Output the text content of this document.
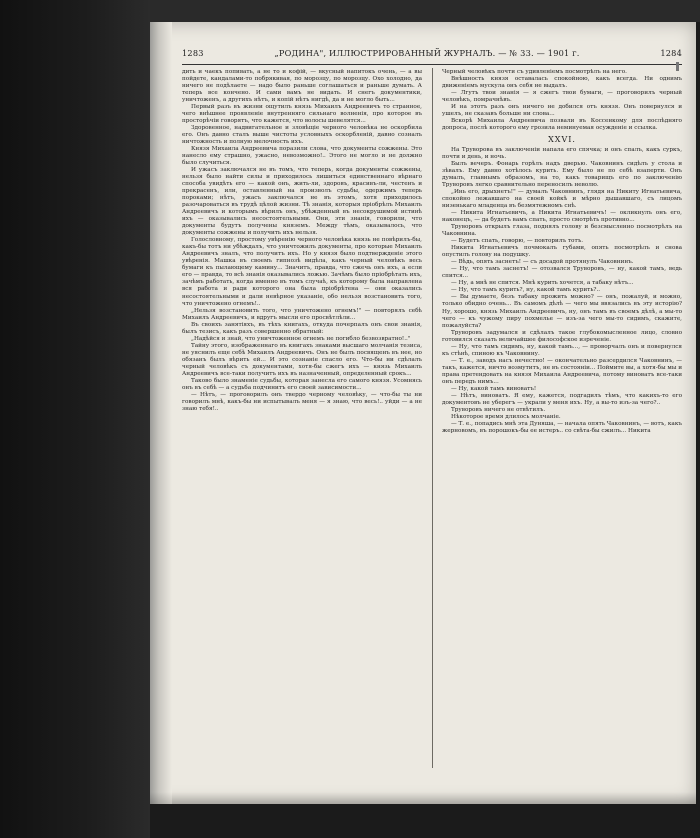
1283	„РОДИНА", ИЛЛЮСТРИРОВАННЫЙ ЖУРНАЛЪ. — № 33. — 1901 г.	1284

дить и чаекъ попивать, а не то и кофій, — вкусный напитокъ очень, — а вы пойдете, кандалами-то побрякивая, по морозцу, по морозцу. Охо холодно, да ничего не подѣлаете — надо было раньше соглашаться и раньше думать. А теперь все кончено. И сами вамъ не видать. И снегъ документики, уничтоженъ, а другихъ нѣтъ, и копій нѣтъ нигдѣ, да и не могло быть...

Первый разъ въ жизни ощутилъ князь Михаилъ Андреевичъ то странное, чего внѣшнее проявленіе внутренняго сильнаго волненія, про которое въ просторѣчіи говорятъ, что кажется, что волосы шевелятся...

Здоровенное, надвигательное и зловѣщіе черного человѣка не оскорбила его. Онъ давно сталъ выше чистоты условныхъ оскорбленій, давно созналъ ничтожность и полную мелочность ихъ.

Князя Михаила Андреевича поразили слова, что документы сожжены. Это нанесло ему страшно, ужасно, невозможно!.. Этого не могло и не должно было случиться.

И ужасъ заключался не въ томъ, что теперь, когда документы сожжены, нельзя было найти силы и приходилось лишиться единственнаго вѣрнаго способа увидѣть его — какой онъ, жить-ли, здоровъ, красивъ-ли, честенъ и прекрасенъ, или, оставленный на произволъ судьбы, одержимъ теперь пороками; нѣтъ, ужасъ заключался не въ этомъ, хотя приходилось разочароваться въ трудѣ цѣлой жизни. Тѣ знанія, которыя пріобрѣлъ Михаилъ Андреевичъ и которымъ вѣрилъ онъ, убѣжденный въ несокрушимой истинѣ ихъ — оказывались несостоятельными. Они, эти знанія, говорили, что документы будутъ получены княземъ. Между тѣмъ, оказывалось, что документы сожжены и получить ихъ нельзя.

Голословному, простому увѣренію черного человѣка князь не повѣрилъ-бы, какъ-бы тотъ ни убѣждалъ, что уничтожилъ документы, про которые Михаилъ Андреевичъ зналъ, что получитъ ихъ. Но у князя было подтвержденіе этого увѣренія. Машка въ своемъ гипнозѣ видѣла, какъ черный человѣкъ весь бумаги къ пылающему камину... Значитъ, правда, что сжечь онъ ихъ, а если его — правда, то всѣ знанія оказывались ложью. Зачѣмъ было пріобрѣтать ихъ, зачѣмъ работать, когда именно въ томъ случаѣ, къ которому была направлена вся работа и ради которого она была пріобрѣтена — они оказались несостоятельными и дали невѣрное указаніе, обо нельзя возстановить того, что уничтожено огнемъ!..

„Нельзя возстановить того, что уничтожено огнемъ!" — повторялъ себѣ Михаилъ Андреевичъ, и вдругъ мысли его просвѣтлѣли...

Въ своихъ занятіяхъ, въ тѣхъ книгахъ, откуда почерпалъ онъ свои знанія, былъ тезисъ, какъ разъ совершенно обратный:

„Надѣйся и знай, что уничтоженное огнемъ не погибло безвозвратно!.."

Тайну этого, изображеннаго въ книгахъ знаками высшаго молчанія тезиса, не уяснилъ еще себѣ Михаилъ Андреевичъ. Онъ не былъ посвященъ въ нее, но обязанъ былъ вѣрить ей... И это сознаніе спасло его. Что-бы ни сдѣлалъ черный человѣкъ съ документами, хотя-бы сжегъ ихъ — князь Михаилъ Андреевичъ все-таки получитъ ихъ въ назначенный, определенный срокъ...

Таково было знаменіе судьбы, которая занесла его самого князя. Усомнясь онъ въ себѣ — а судьба подчинитъ его своей зависимости...

— Нѣтъ, — проговорилъ онъ твердо черному человѣку, — что-бы ты ни говорилъ мнѣ, какъ-бы ни испытывалъ меня — я знаю, что весь!.. уйди — а не знаю тебя!..

Черный человѣкъ почти съ удивленіемъ посмотрѣлъ на него.

Внѣшность князя оставалась спокойною, какъ всегда. Ни однимъ движеніемъ мускула онъ себя не выдалъ.

— Лгутъ твои знанія — я сжегъ твои бумаги, — проговорилъ черный человѣкъ, помрачнѣвъ.

И на этотъ разъ онъ ничего не добился отъ князя. Онъ повернулся и ушелъ, не сказавъ больше ни слова...

Вскорѣ Михаила Андреевича позвали въ Коссенкому для послѣдняго допроса, послѣ которого ему грозила неминуемая осужденіе и ссылка.

XXVI.

На Труворова въ заключеніи напала его спячка; и онъ спалъ, какъ суркъ, почти и день, и ночь.

Былъ вечеръ. Фонарь горѣлъ надъ дверью. Чаковнинъ сидѣлъ у стола и зѣвалъ. Ему давно хотѣлось курить. Ему было не по себѣ взаперти. Онъ думалъ, главнымъ образомъ, на то, какъ товарищъ его по заключенію Труворовъ легко сравнительно переносилъ неволю.

„Инь его, дрыхнетъ!" — думалъ Чаковнинъ, глядя на Никиту Игнатьевича, спокойно лежавшаго на своей койкѣ и мѣрно дышавшаго, съ лицомъ низенькаго младенца въ безмятежномъ снѣ.

— Никита Игнатьевичъ, а Никита Игнатьевичъ! — окликнулъ онъ его, наконецъ, — да будетъ вамъ спать, просто смотрѣть противно...

Труворовъ открылъ глаза, поднялъ голову и безсмысленно посмотрѣлъ на Чаковнина.

— Будетъ спать, говорю, — повторилъ тотъ.

Никита Игнатьевичъ почмокалъ губами, опять посмотрѣлъ и снова опустилъ голову на подушку.

— Вѣдь, опять заснетъ! — съ досадой протянулъ Чаковнинъ.

— Ну, что тамъ заснетъ! — отозвался Труворовъ, — ну, какой тамъ, ведь спится...

— Ну, а мнѣ не спится. Мнѣ курить хочется, а табаку нѣтъ...

— Ну, что тамъ курить?, ну, какой тамъ курить?..

— Вы думаете, безъ табаку прожить можно? — онъ, пожалуй, и можно, только обидно очень... Въ самомъ дѣлѣ — чего мы ввязались въ эту исторію? Ну, хорошо, князь Михаилъ Андреевичъ, ну, онъ тамъ въ своемъ дѣлѣ, а мы-то чего — къ чужому пиру похмелье — изъ-за чего мы-то сидимъ, скажите, пожалуйста?

Труворовъ задумался и сдѣлалъ такое глубокомысленное лицо, словно готовился сказать величайшее философское изреченіе.

— Ну, что тамъ сидимъ, ну, какой тамъ..., — проворчалъ онъ и повернулся къ стѣнѣ, спиною къ Чаковнину.

— Т. е., заводъ насъ нечестно! — окончательно разсердился Чаковнинъ, — такъ, кажется, ничто возмутитъ, не въ состояніи... Поймите вы, а хотя-бы мы и права претендовать на князя Михаила Андреевича, потому виноватъ все-таки онъ передъ нимъ...

— Ну, какой тамъ виноватъ!

— Нѣтъ, виноватъ. Я ему, кажется, подгадилъ тѣмъ, что какихъ-то его документовъ не уберегъ — украли у меня ихъ. Ну, а вы-то изъ-за чего?..

Труворовъ ничего не отвѣтилъ.

Нѣкоторое время длилось молчаніе.

— Т. е., попадись мнѣ эта Дуняша, — начала опять Чаковнинъ, — вотъ, какъ жерновомъ, въ порошокъ-бы ее истеръ.. со свѣта-бы сжилъ... Никита
